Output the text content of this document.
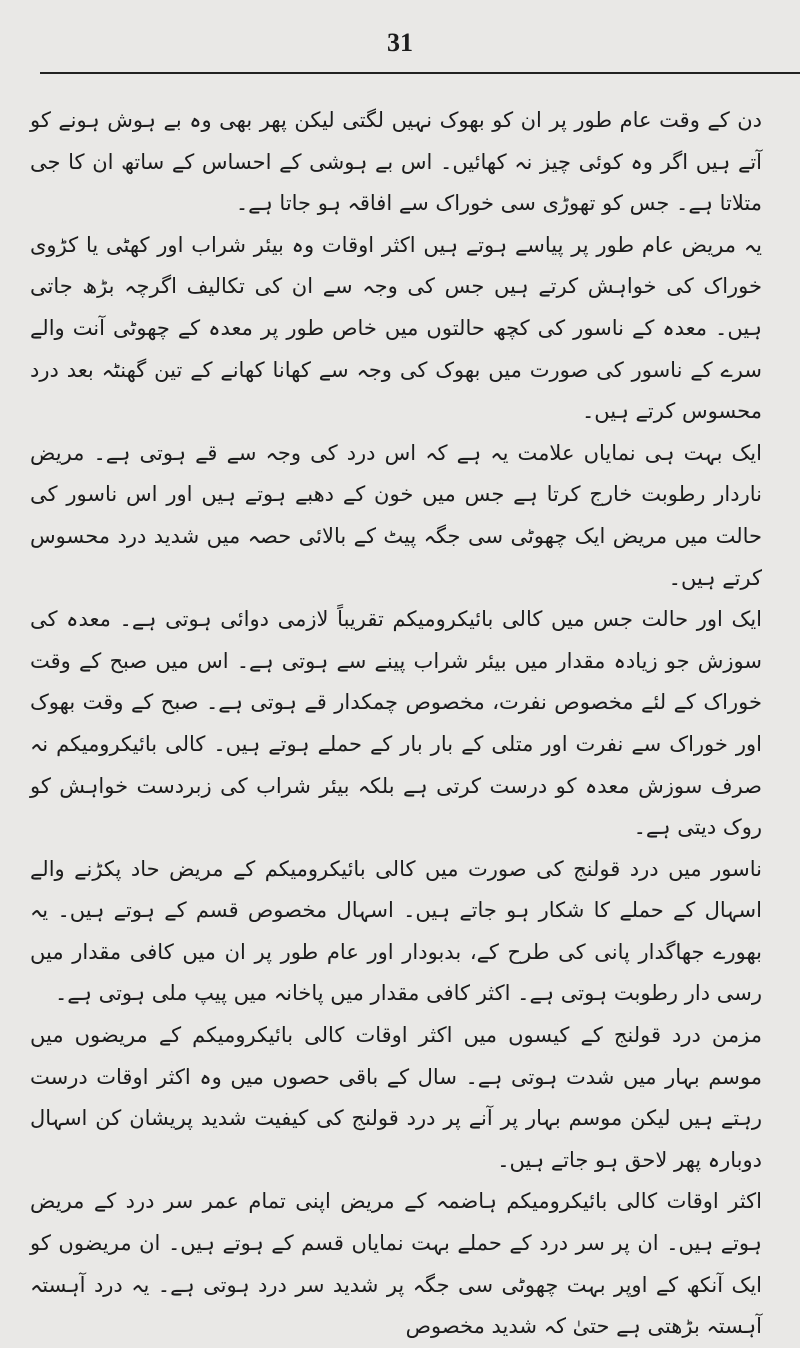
31

دن کے وقت عام طور پر ان کو بھوک نہیں لگتی لیکن پھر بھی وہ بے ہوش ہونے کو آتے ہیں اگر وہ کوئی چیز نہ کھائیں۔ اس بے ہوشی کے احساس کے ساتھ ان کا جی متلاتا ہے۔ جس کو تھوڑی سی خوراک سے افاقہ ہو جاتا ہے۔

یہ مریض عام طور پر پیاسے ہوتے ہیں اکثر اوقات وہ بیئر شراب اور کھٹی یا کڑوی خوراک کی خواہش کرتے ہیں جس کی وجہ سے ان کی تکالیف اگرچہ بڑھ جاتی ہیں۔ معدہ کے ناسور کی کچھ حالتوں میں خاص طور پر معدہ کے چھوٹی آنت والے سرے کے ناسور کی صورت میں بھوک کی وجہ سے کھانا کھانے کے تین گھنٹہ بعد درد محسوس کرتے ہیں۔

ایک بہت ہی نمایاں علامت یہ ہے کہ اس درد کی وجہ سے قے ہوتی ہے۔ مریض ناردار رطوبت خارج کرتا ہے جس میں خون کے دھبے ہوتے ہیں اور اس ناسور کی حالت میں مریض ایک چھوٹی سی جگہ پیٹ کے بالائی حصہ میں شدید درد محسوس کرتے ہیں۔

ایک اور حالت جس میں کالی بائیکرومیکم تقریباً لازمی دوائی ہوتی ہے۔ معدہ کی سوزش جو زیادہ مقدار میں بیئر شراب پینے سے ہوتی ہے۔ اس میں صبح کے وقت خوراک کے لئے مخصوص نفرت، مخصوص چمکدار قے ہوتی ہے۔ صبح کے وقت بھوک اور خوراک سے نفرت اور متلی کے بار بار کے حملے ہوتے ہیں۔ کالی بائیکرومیکم نہ صرف سوزش معدہ کو درست کرتی ہے بلکہ بیئر شراب کی زبردست خواہش کو روک دیتی ہے۔

ناسور میں درد قولنج کی صورت میں کالی بائیکرومیکم کے مریض حاد پکڑنے والے اسہال کے حملے کا شکار ہو جاتے ہیں۔ اسہال مخصوص قسم کے ہوتے ہیں۔ یہ بھورے جھاگدار پانی کی طرح کے، بدبودار اور عام طور پر ان میں کافی مقدار میں رسی دار رطوبت ہوتی ہے۔ اکثر کافی مقدار میں پاخانہ میں پیپ ملی ہوتی ہے۔

مزمن درد قولنج کے کیسوں میں اکثر اوقات کالی بائیکرومیکم کے مریضوں میں موسم بہار میں شدت ہوتی ہے۔ سال کے باقی حصوں میں وہ اکثر اوقات درست رہتے ہیں لیکن موسم بہار پر آنے پر درد قولنج کی کیفیت شدید پریشان کن اسہال دوبارہ پھر لاحق ہو جاتے ہیں۔

اکثر اوقات کالی بائیکرومیکم ہاضمہ کے مریض اپنی تمام عمر سر درد کے مریض ہوتے ہیں۔ ان پر سر درد کے حملے بہت نمایاں قسم کے ہوتے ہیں۔ ان مریضوں کو ایک آنکھ کے اوپر بہت چھوٹی سی جگہ پر شدید سر درد ہوتی ہے۔ یہ درد آہستہ آہستہ بڑھتی ہے حتیٰ کہ شدید مخصوص
